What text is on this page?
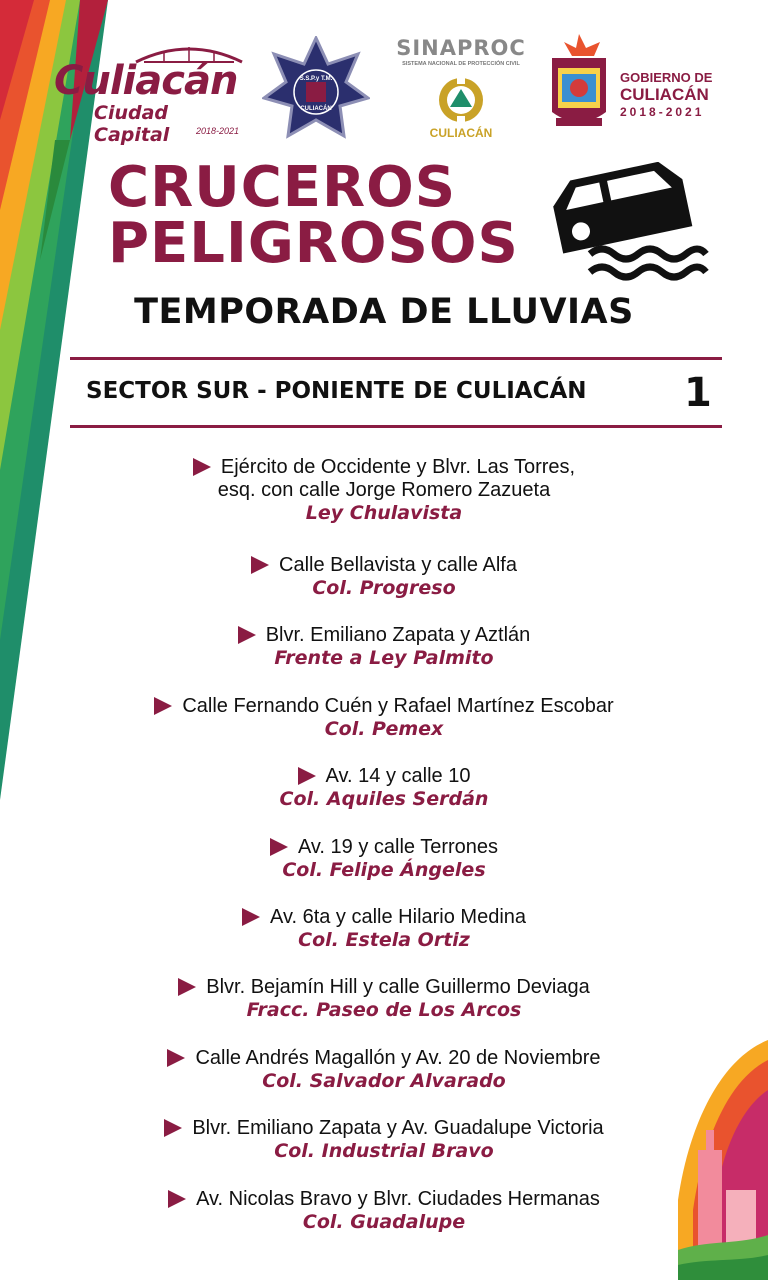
Culiacán
Ciudad Capital	2018-2021
S.S.P.y T.M.
CULIACÁN
SINAPROC
SISTEMA NACIONAL DE PROTECCIÓN CIVIL
CULIACÁN
GOBIERNO DE
CULIACÁN
2018-2021
CRUCEROS
PELIGROSOS
TEMPORADA DE LLUVIAS
SECTOR SUR - PONIENTE DE CULIACÁN 1
Ejército de Occidente y Blvr. Las Torres,
esq. con calle Jorge Romero Zazueta
Ley Chulavista
Calle Bellavista y calle Alfa
Col. Progreso
Blvr. Emiliano Zapata y Aztlán
Frente a Ley Palmito
Calle Fernando Cuén y Rafael Martínez Escobar
Col. Pemex
Av. 14 y calle 10
Col. Aquiles Serdán
Av. 19 y calle Terrones
Col. Felipe Ángeles
Av. 6ta y calle Hilario Medina
Col. Estela Ortiz
Blvr. Bejamín Hill y calle Guillermo Deviaga
Fracc. Paseo de Los Arcos
Calle Andrés Magallón y Av. 20 de Noviembre
Col. Salvador Alvarado
Blvr. Emiliano Zapata y Av. Guadalupe Victoria
Col. Industrial Bravo
Av. Nicolas Bravo y Blvr. Ciudades Hermanas
Col. Guadalupe
